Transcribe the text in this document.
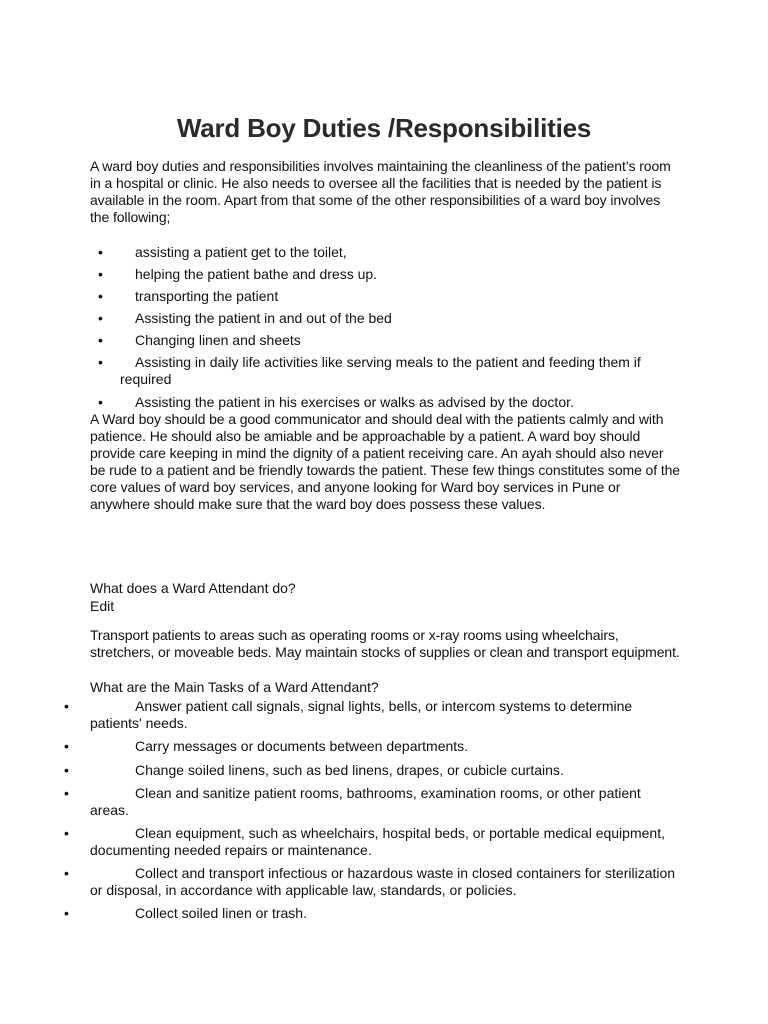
Ward Boy Duties /Responsibilities

A ward boy duties and responsibilities involves maintaining the cleanliness of the patient’s room in a hospital or clinic. He also needs to oversee all the facilities that is needed by the patient is available in the room. Apart from that some of the other responsibilities of a ward boy involves the following;

• assisting a patient get to the toilet,
• helping the patient bathe and dress up.
• transporting the patient
• Assisting the patient in and out of the bed
• Changing linen and sheets
• Assisting in daily life activities like serving meals to the patient and feeding them if
required
• Assisting the patient in his exercises or walks as advised by the doctor.

A Ward boy should be a good communicator and should deal with the patients calmly and with patience. He should also be amiable and be approachable by a patient. A ward boy should provide care keeping in mind the dignity of a patient receiving care. An ayah should also never be rude to a patient and be friendly towards the patient. These few things constitutes some of the core values of ward boy services, and anyone looking for Ward boy services in Pune or anywhere should make sure that the ward boy does possess these values.

What does a Ward Attendant do?

Edit

Transport patients to areas such as operating rooms or x-ray rooms using wheelchairs, stretchers, or moveable beds. May maintain stocks of supplies or clean and transport equipment.

What are the Main Tasks of a Ward Attendant?

•	Answer patient call signals, signal lights, bells, or intercom systems to determine patients' needs.
•	Carry messages or documents between departments.
•	Change soiled linens, such as bed linens, drapes, or cubicle curtains.
•	Clean and sanitize patient rooms, bathrooms, examination rooms, or other patient areas.
•	Clean equipment, such as wheelchairs, hospital beds, or portable medical equipment, documenting needed repairs or maintenance.
•	Collect and transport infectious or hazardous waste in closed containers for sterilization or disposal, in accordance with applicable law, standards, or policies.
•	Collect soiled linen or trash.
